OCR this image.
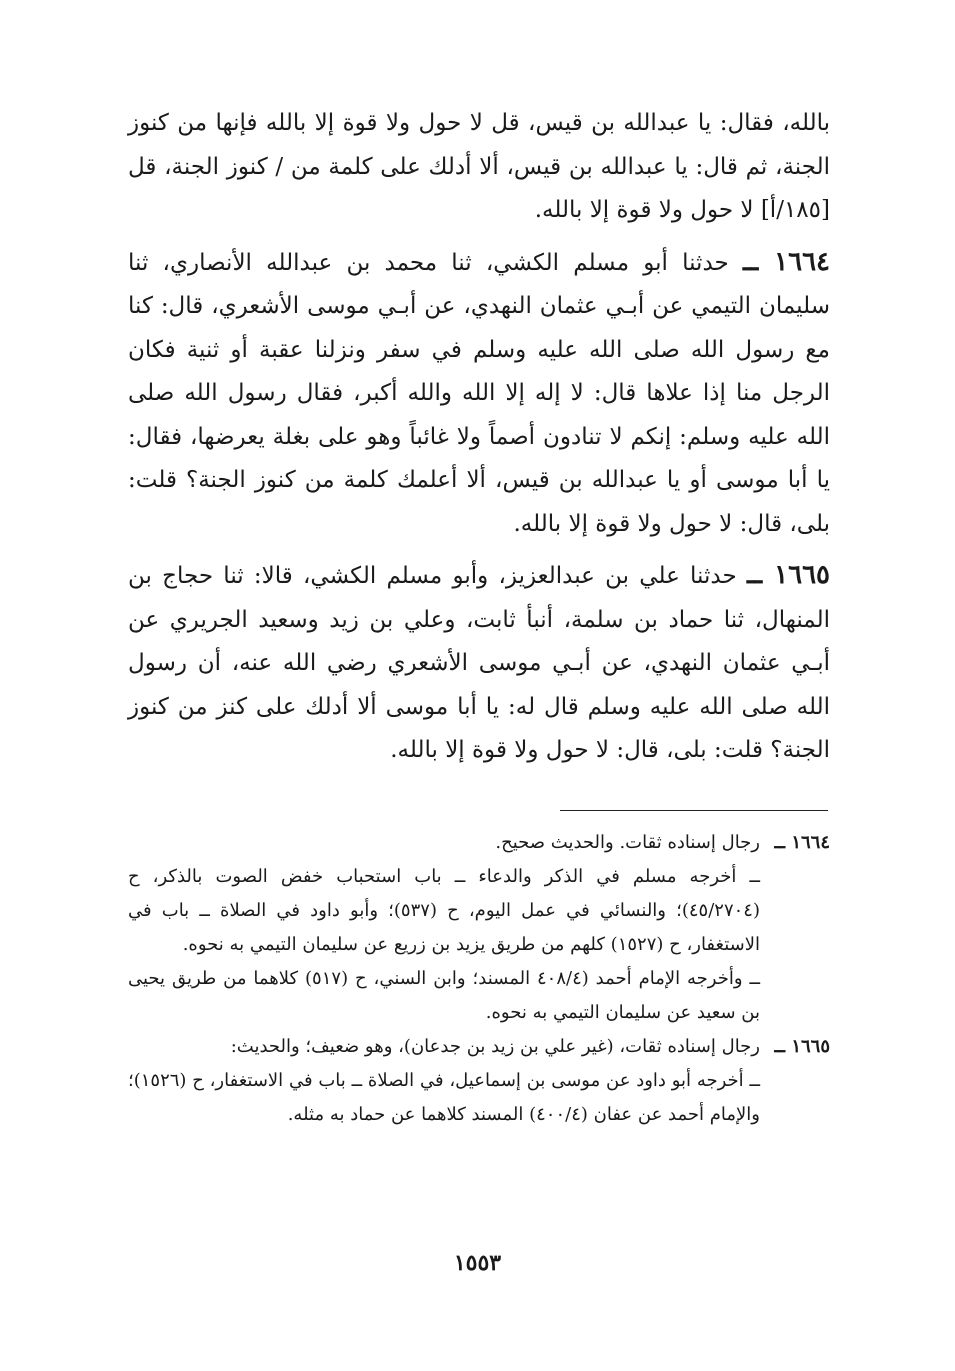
بالله، فقال: يا عبدالله بن قيس، قل لا حول ولا قوة إلا بالله فإنها من كنوز الجنة، ثم قال: يا عبدالله بن قيس، ألا أدلك على كلمة من / كنوز الجنة، قل [١٨٥/أ] لا حول ولا قوة إلا بالله.

١٦٦٤ ــ حدثنا أبو مسلم الكشي، ثنا محمد بن عبدالله الأنصاري، ثنا سليمان التيمي عن أبـي عثمان النهدي، عن أبـي موسى الأشعري، قال: كنا مع رسول الله صلى الله عليه وسلم في سفر ونزلنا عقبة أو ثنية فكان الرجل منا إذا علاها قال: لا إله إلا الله والله أكبر، فقال رسول الله صلى الله عليه وسلم: إنكم لا تنادون أصماً ولا غائباً وهو على بغلة يعرضها، فقال: يا أبا موسى أو يا عبدالله بن قيس، ألا أعلمك كلمة من كنوز الجنة؟ قلت: بلى، قال: لا حول ولا قوة إلا بالله.

١٦٦٥ ــ حدثنا علي بن عبدالعزيز، وأبو مسلم الكشي، قالا: ثنا حجاج بن المنهال، ثنا حماد بن سلمة، أنبأ ثابت، وعلي بن زيد وسعيد الجريري عن أبـي عثمان النهدي، عن أبـي موسى الأشعري رضي الله عنه، أن رسول الله صلى الله عليه وسلم قال له: يا أبا موسى ألا أدلك على كنز من كنوز الجنة؟ قلت: بلى، قال: لا حول ولا قوة إلا بالله.

١٦٦٤ ــ

رجال إسناده ثقات. والحديث صحيح.

ــ أخرجه مسلم في الذكر والدعاء ــ باب استحباب خفض الصوت بالذكر، ح (٤٥/٢٧٠٤)؛ والنسائي في عمل اليوم، ح (٥٣٧)؛ وأبو داود في الصلاة ــ باب في الاستغفار، ح (١٥٢٧) كلهم من طريق يزيد بن زريع عن سليمان التيمي به نحوه.

ــ وأخرجه الإمام أحمد (٤٠٨/٤ المسند؛ وابن السني، ح (٥١٧) كلاهما من طريق يحيى بن سعيد عن سليمان التيمي به نحوه.

١٦٦٥ ــ

رجال إسناده ثقات، (غير علي بن زيد بن جدعان)، وهو ضعيف؛ والحديث:

ــ أخرجه أبو داود عن موسى بن إسماعيل، في الصلاة ــ باب في الاستغفار، ح (١٥٢٦)؛ والإمام أحمد عن عفان (٤٠٠/٤) المسند كلاهما عن حماد به مثله.

١٥٥٣
